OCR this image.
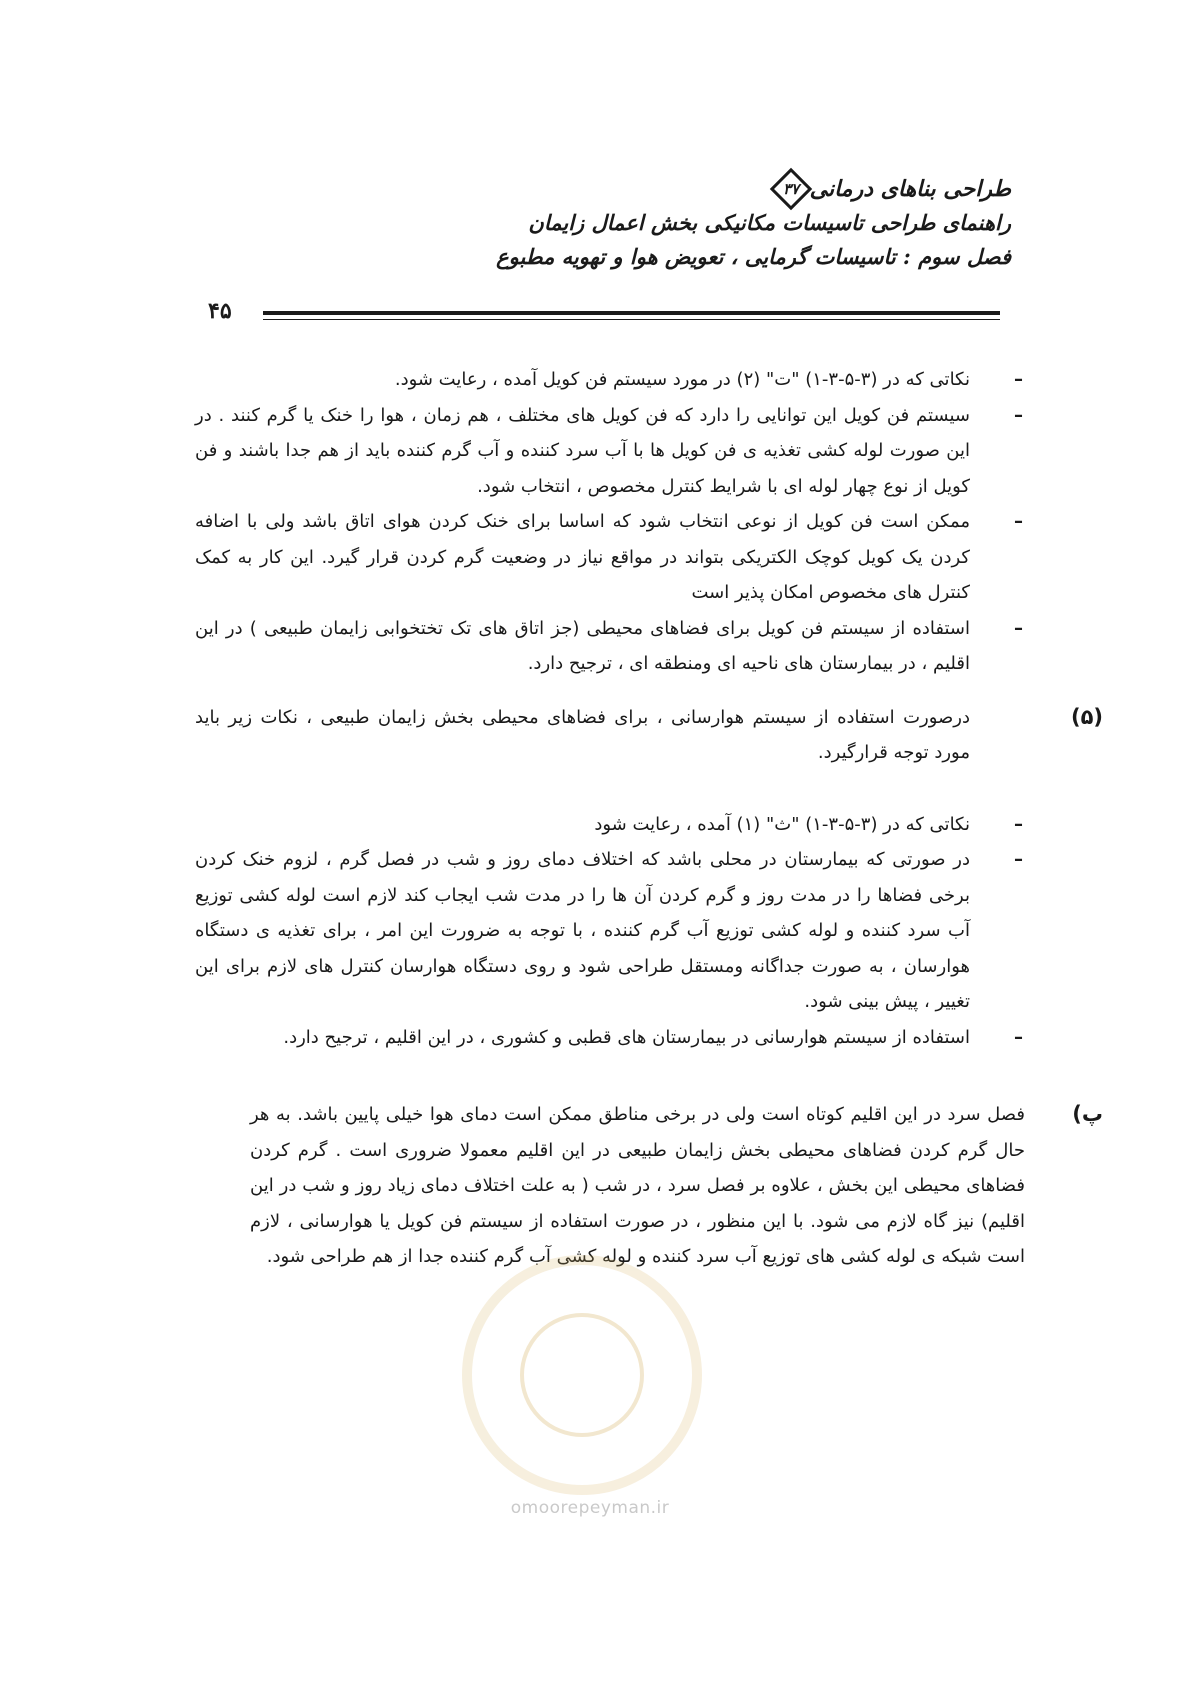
طراحی بناهای درمانی
۳۷
راهنمای طراحی تاسیسات مکانیکی بخش اعمال زایمان
فصل سوم : تاسیسات گرمایی ، تعویض هوا و تهویه مطبوع
۴۵
–
نکاتی که در (۳-۵-۳-۱) "ت" (۲) در مورد سیستم فن کویل آمده ، رعایت شود.
–
سیستم فن کویل این توانایی را دارد که فن کویل های مختلف ، هم زمان ، هوا را خنک یا گرم کنند . در این صورت لوله کشی تغذیه ی فن کویل ها با آب سرد کننده و آب گرم کننده باید از هم جدا باشند و فن کویل از نوع چهار لوله ای با شرایط کنترل مخصوص ، انتخاب شود.
–
ممکن است فن کویل از نوعی انتخاب شود که اساسا برای خنک کردن هوای اتاق باشد ولی با اضافه کردن یک کویل کوچک الکتریکی بتواند در مواقع نیاز در وضعیت گرم کردن قرار گیرد. این کار به کمک کنترل های مخصوص امکان پذیر است
–
استفاده از سیستم فن کویل برای فضاهای محیطی (جز اتاق های تک تختخوابی زایمان طبیعی ) در این اقلیم ، در بیمارستان های ناحیه ای ومنطقه ای ، ترجیح دارد.
(۵)
درصورت استفاده از سیستم هوارسانی ، برای فضاهای محیطی بخش زایمان طبیعی ، نکات زیر باید مورد توجه قرارگیرد.
–
نکاتی که در (۳-۵-۳-۱) "ث" (۱) آمده ، رعایت شود
–
در صورتی که بیمارستان در محلی باشد که اختلاف دمای روز و شب در فصل گرم ، لزوم خنک کردن برخی فضاها را در مدت روز و گرم کردن آن ها را در مدت شب ایجاب کند لازم است لوله کشی توزیع آب سرد کننده و لوله کشی توزیع آب گرم کننده ، با توجه به ضرورت این امر ، برای تغذیه ی دستگاه هوارسان ، به صورت جداگانه ومستقل طراحی شود و روی دستگاه هوارسان کنترل های لازم برای این تغییر ، پیش بینی شود.
–
استفاده از سیستم هوارسانی در بیمارستان های قطبی و کشوری ، در این اقلیم ، ترجیح دارد.
پ)
فصل سرد در این اقلیم کوتاه است ولی در برخی مناطق ممکن است دمای هوا خیلی پایین باشد. به هر حال گرم کردن فضاهای محیطی بخش زایمان طبیعی در این اقلیم معمولا ضروری است . گرم کردن فضاهای محیطی این بخش ، علاوه بر فصل سرد ، در شب ( به علت اختلاف دمای زیاد روز و شب در این اقلیم) نیز گاه لازم می شود. با این منظور ، در صورت استفاده از سیستم فن کویل یا هوارسانی ، لازم است شبکه ی لوله کشی های توزیع آب سرد کننده و لوله کشی آب گرم کننده جدا از هم طراحی شود.
omoorepeyman.ir
